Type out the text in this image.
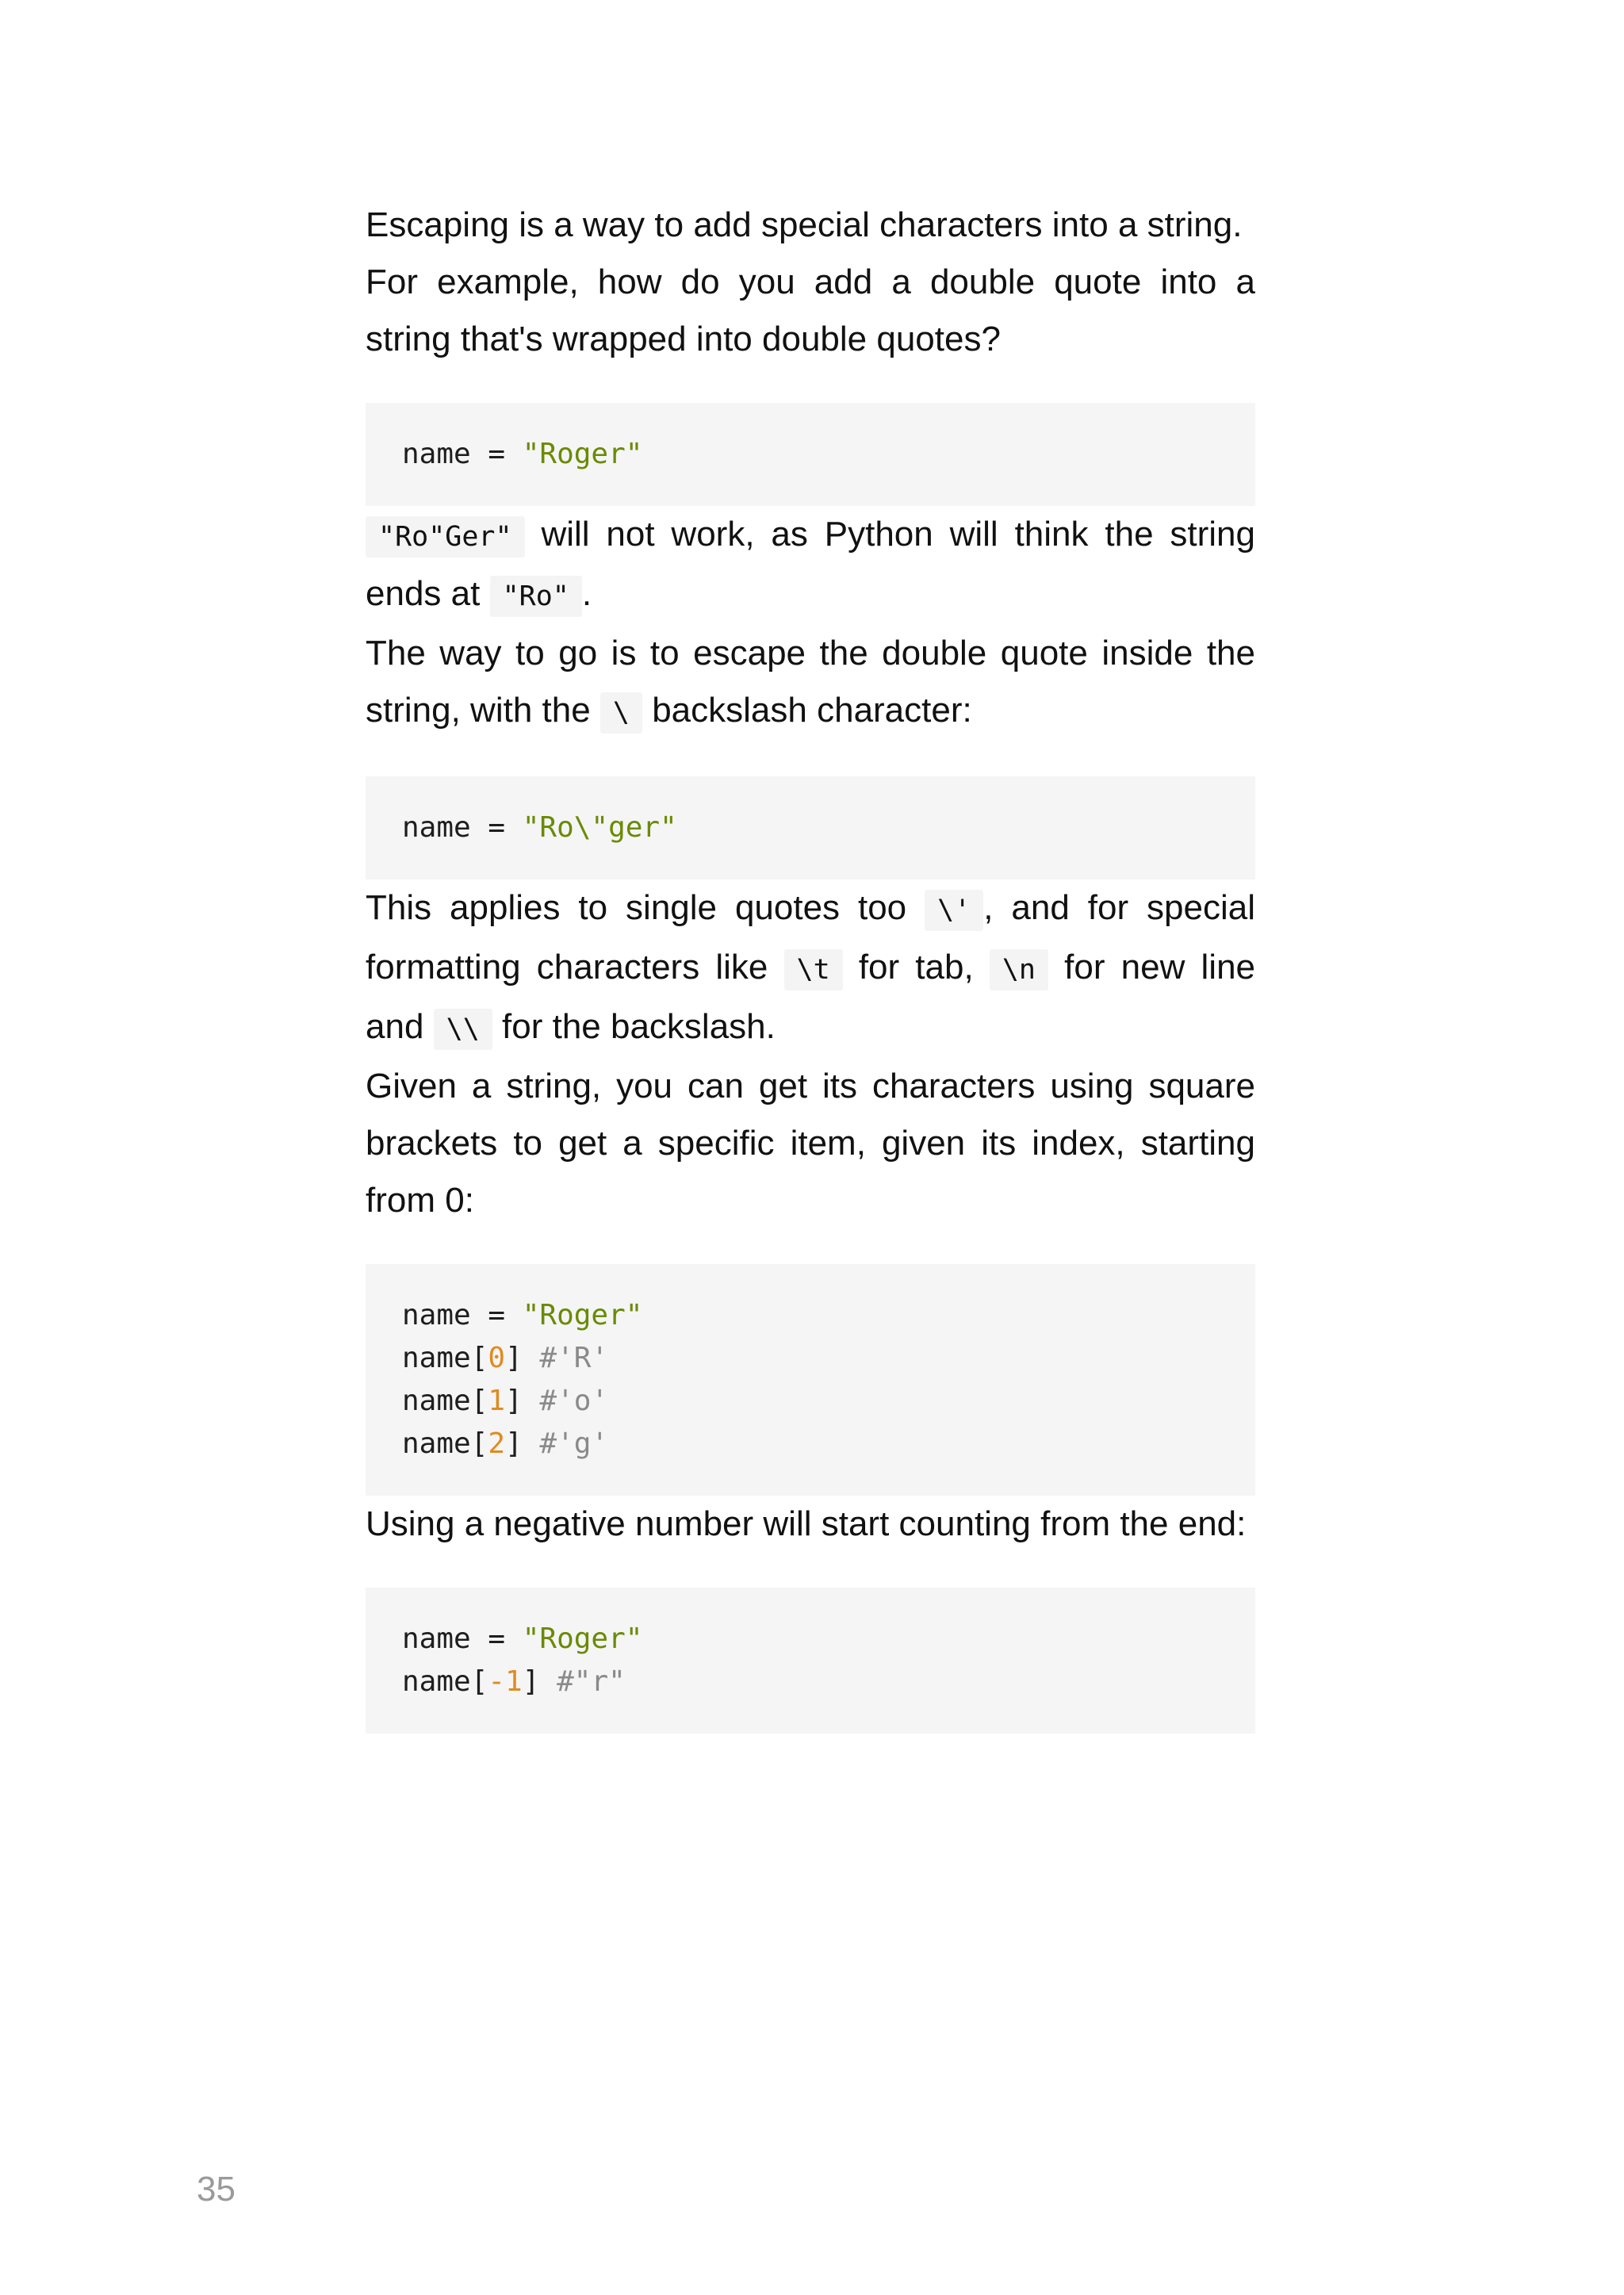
Escaping is a way to add special characters into a string.

For example, how do you add a double quote into a string that's wrapped into double quotes?

name = "Roger"

"Ro"Ger" will not work, as Python will think the string ends at "Ro" .

The way to go is to escape the double quote inside the string, with the \ backslash character:

name = "Ro\"ger"

This applies to single quotes too \' , and for special formatting characters like \t for tab, \n for new line and \\ for the backslash.

Given a string, you can get its characters using square brackets to get a specific item, given its index, starting from 0:

name = "Roger"
name[0] #'R'
name[1] #'o'
name[2] #'g'

Using a negative number will start counting from the end:

name = "Roger"
name[-1] #"r"
35
